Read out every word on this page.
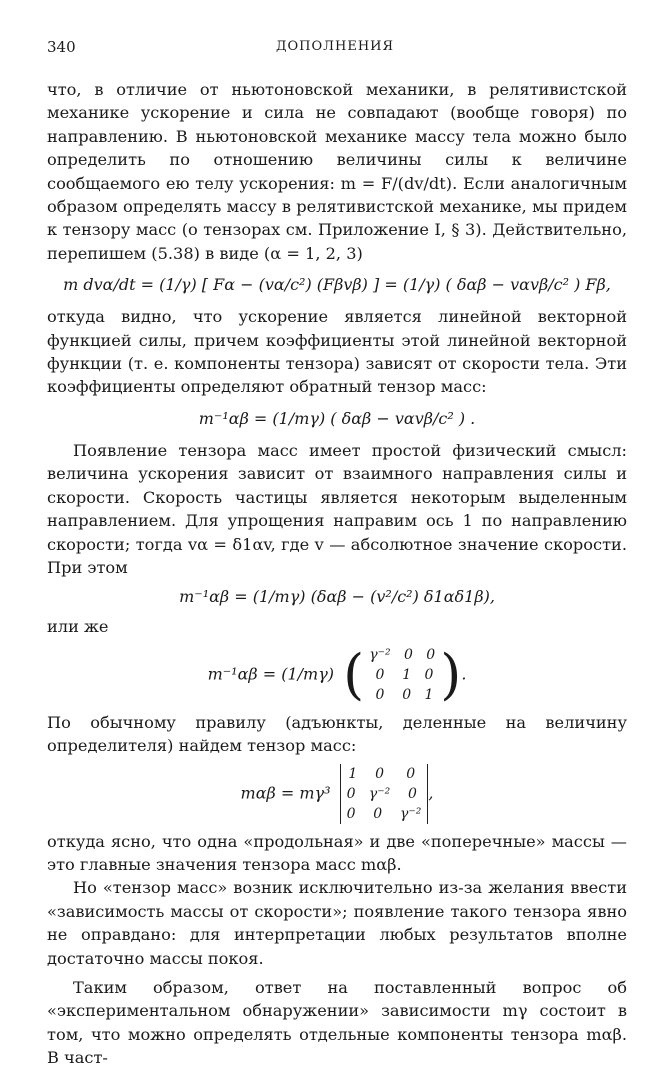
340	ДОПОЛНЕНИЯ

что, в отличие от ньютоновской механики, в релятивистской механике ускорение и сила не совпадают (вообще говоря) по направлению. В ньютоновской механике массу тела можно было определить по отношению величины силы к величине сообщаемого ею телу ускорения: m = F/(dv/dt). Если аналогичным образом определять массу в релятивистской механике, мы придем к тензору масс (о тензорах см. Приложение I, § 3). Действительно, перепишем (5.38) в виде (α = 1, 2, 3)

m dvα/dt = (1/γ) [ Fα − (vα/c²) (Fβvβ) ] = (1/γ) ( δαβ − vαvβ/c² ) Fβ,

откуда видно, что ускорение является линейной векторной функцией силы, причем коэффициенты этой линейной векторной функции (т. е. компоненты тензора) зависят от скорости тела. Эти коэффициенты определяют обратный тензор масс:

m⁻¹αβ = (1/mγ) ( δαβ − vαvβ/c² ) .

Появление тензора масс имеет простой физический смысл: величина ускорения зависит от взаимного направления силы и скорости. Скорость частицы является некоторым выделенным направлением. Для упрощения направим ось 1 по направлению скорости; тогда vα = δ1αv, где v — абсолютное значение скорости. При этом

m⁻¹αβ = (1/mγ) (δαβ − (v²/c²) δ1αδ1β),

или же

m⁻¹αβ = (1/mγ) ( γ⁻²   0   0
0    1   0
0    0   1 ).

По обычному правилу (адъюнкты, деленные на величину определителя) найдем тензор масс:

mαβ = mγ³
1    0     0
0   γ⁻²    0
0    0    γ⁻²
,

откуда ясно, что одна «продольная» и две «поперечные» массы — это главные значения тензора масс mαβ.

Но «тензор масс» возник исключительно из-за желания ввести «зависимость массы от скорости»; появление такого тензора явно не оправдано: для интерпретации любых результатов вполне достаточно массы покоя.

Таким образом, ответ на поставленный вопрос об «экспериментальном обнаружении» зависимости mγ состоит в том, что можно определять отдельные компоненты тензора mαβ. В част-
